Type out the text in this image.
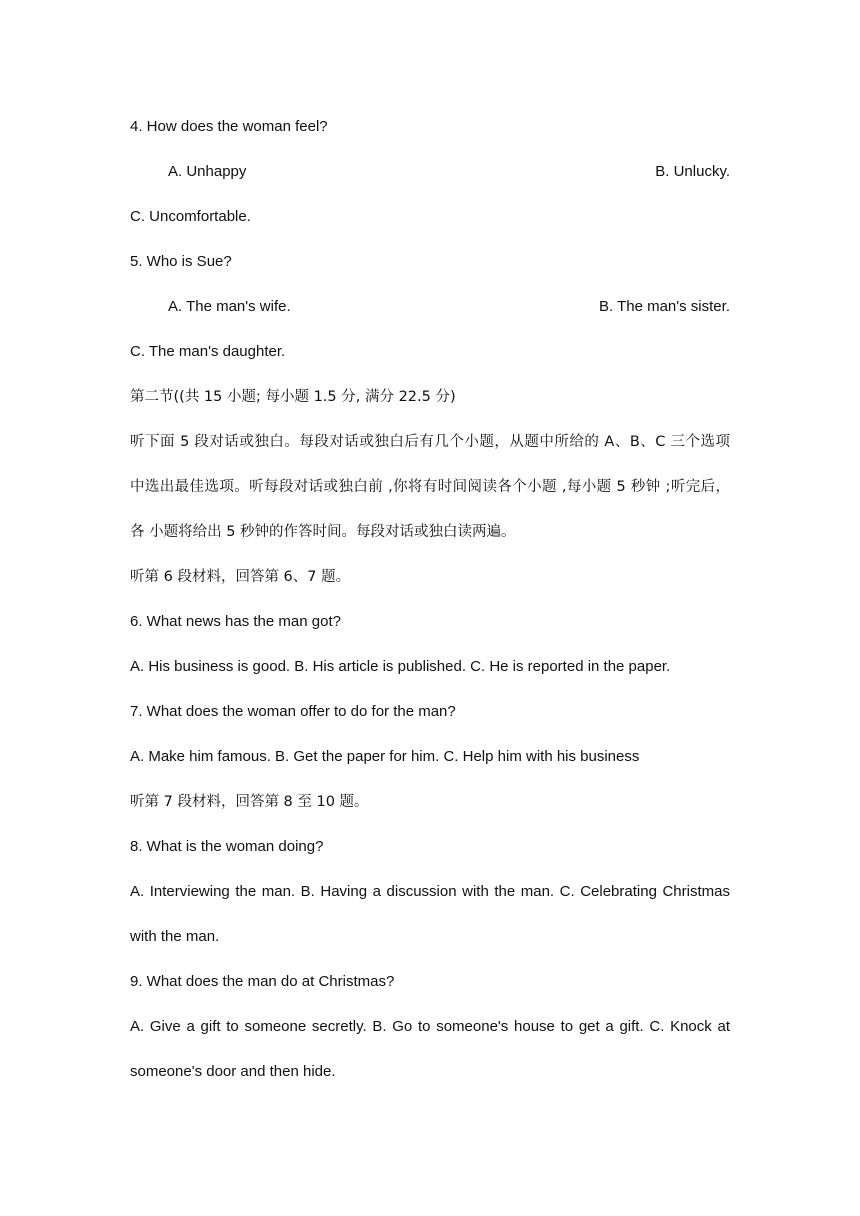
4. How does the woman feel?
A. Unhappy	B. Unlucky.
C. Uncomfortable.
5. Who is Sue?
A. The man's wife.	B. The man's sister.
C. The man's daughter.
第二节((共 15 小题; 每小题 1.5 分, 满分 22.5 分)
听下面 5 段对话或独白。每段对话或独白后有几个小题，从题中所给的 A、B、C 三个选项
中选出最佳选项。听每段对话或独白前 ,你将有时间阅读各个小题 ,每小题 5 秒钟 ;听完后，
各 小题将给出 5 秒钟的作答时间。每段对话或独白读两遍。
听第 6 段材料，回答第 6、7 题。
6. What news has the man got?
A. His business is good. B. His article is published. C. He is reported in the paper.
7. What does the woman offer to do for the man?
A. Make him famous. B. Get the paper for him. C. Help him with his business
听第 7 段材料，回答第 8 至 10 题。
8. What is the woman doing?
A. Interviewing the man. B. Having a discussion with the man. C. Celebrating Christmas
with the man.
9. What does the man do at Christmas?
A. Give a gift to someone secretly. B. Go to someone's house to get a gift. C. Knock at
someone's door and then hide.
